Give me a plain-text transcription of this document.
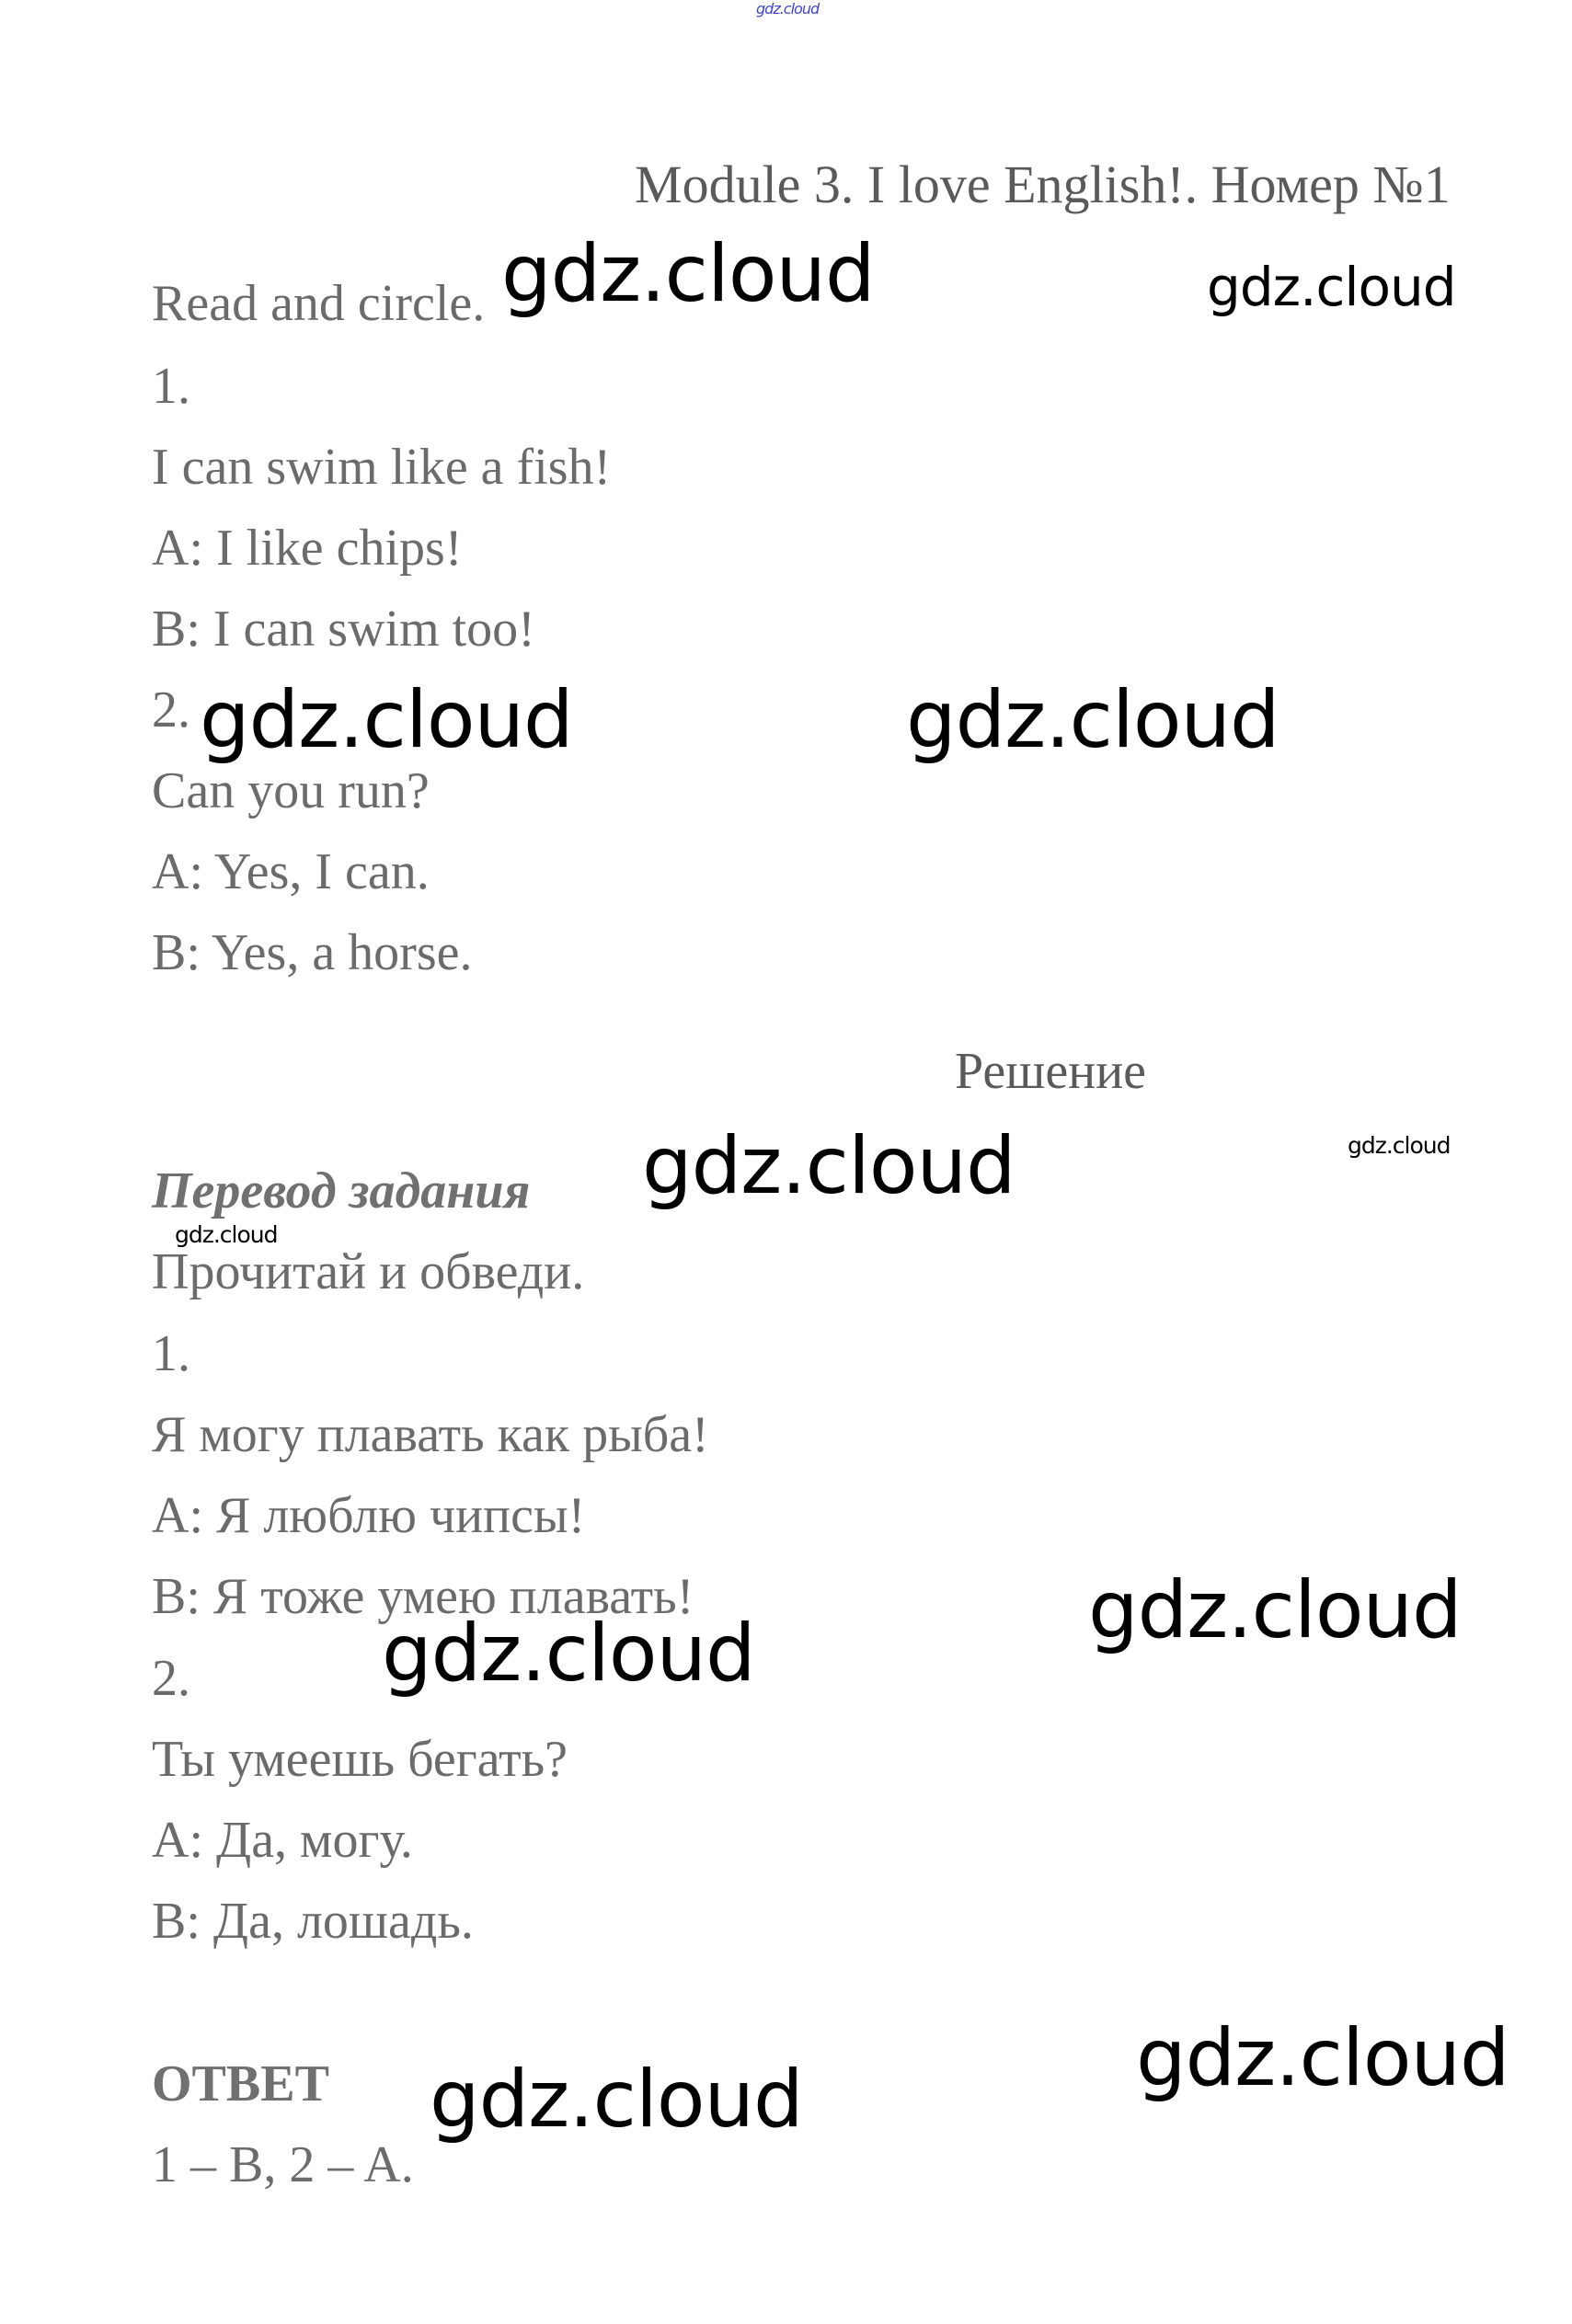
gdz.cloud
Module 3. I love English!. Номер №1
Read and circle.
1.
I can swim like a fish!
A: I like chips!
B: I can swim too!
2.
Can you run?
A: Yes, I can.
B: Yes, a horse.
Решение
Перевод задания
Прочитай и обведи.
1.
Я могу плавать как рыба!
A: Я люблю чипсы!
B: Я тоже умею плавать!
2.
Ты умеешь бегать?
A: Да, могу.
B: Да, лошадь.
ОТВЕТ
1 – B, 2 – A.
gdz.cloud	gdz.cloud
gdz.cloud	gdz.cloud
gdz.cloud	gdz.cloud
gdz.cloud
gdz.cloud
gdz.cloud
gdz.cloud
gdz.cloud
